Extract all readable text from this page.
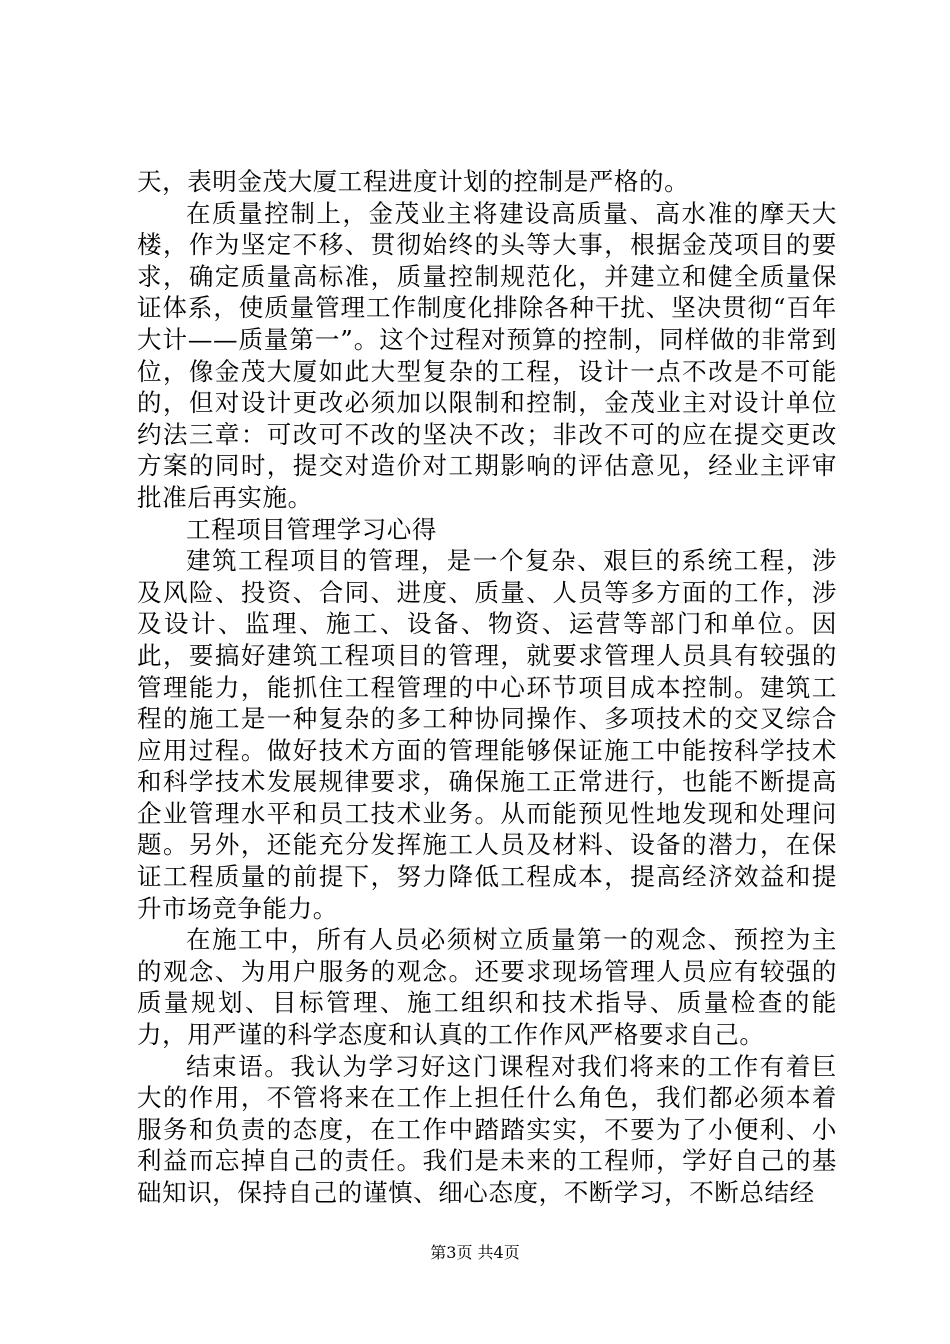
天，表明金茂大厦工程进度计划的控制是严格的。

在质量控制上，金茂业主将建设高质量、高水准的摩天大楼，作为坚定不移、贯彻始终的头等大事，根据金茂项目的要求，确定质量高标准，质量控制规范化，并建立和健全质量保证体系，使质量管理工作制度化排除各种干扰、坚决贯彻“百年大计——质量第一”。这个过程对预算的控制，同样做的非常到位，像金茂大厦如此大型复杂的工程，设计一点不改是不可能的，但对设计更改必须加以限制和控制，金茂业主对设计单位约法三章：可改可不改的坚决不改；非改不可的应在提交更改方案的同时，提交对造价对工期影响的评估意见，经业主评审批准后再实施。

工程项目管理学习心得

建筑工程项目的管理，是一个复杂、艰巨的系统工程，涉及风险、投资、合同、进度、质量、人员等多方面的工作，涉及设计、监理、施工、设备、物资、运营等部门和单位。因此，要搞好建筑工程项目的管理，就要求管理人员具有较强的管理能力，能抓住工程管理的中心环节项目成本控制。建筑工程的施工是一种复杂的多工种协同操作、多项技术的交叉综合应用过程。做好技术方面的管理能够保证施工中能按科学技术和科学技术发展规律要求，确保施工正常进行，也能不断提高企业管理水平和员工技术业务。从而能预见性地发现和处理问题。另外，还能充分发挥施工人员及材料、设备的潜力，在保证工程质量的前提下，努力降低工程成本，提高经济效益和提升市场竞争能力。

在施工中，所有人员必须树立质量第一的观念、预控为主的观念、为用户服务的观念。还要求现场管理人员应有较强的质量规划、目标管理、施工组织和技术指导、质量检查的能力，用严谨的科学态度和认真的工作作风严格要求自己。

结束语。我认为学习好这门课程对我们将来的工作有着巨大的作用，不管将来在工作上担任什么角色，我们都必须本着服务和负责的态度，在工作中踏踏实实，不要为了小便利、小利益而忘掉自己的责任。我们是未来的工程师，学好自己的基础知识，保持自己的谨慎、细心态度，不断学习，不断总结经

第3页 共4页
